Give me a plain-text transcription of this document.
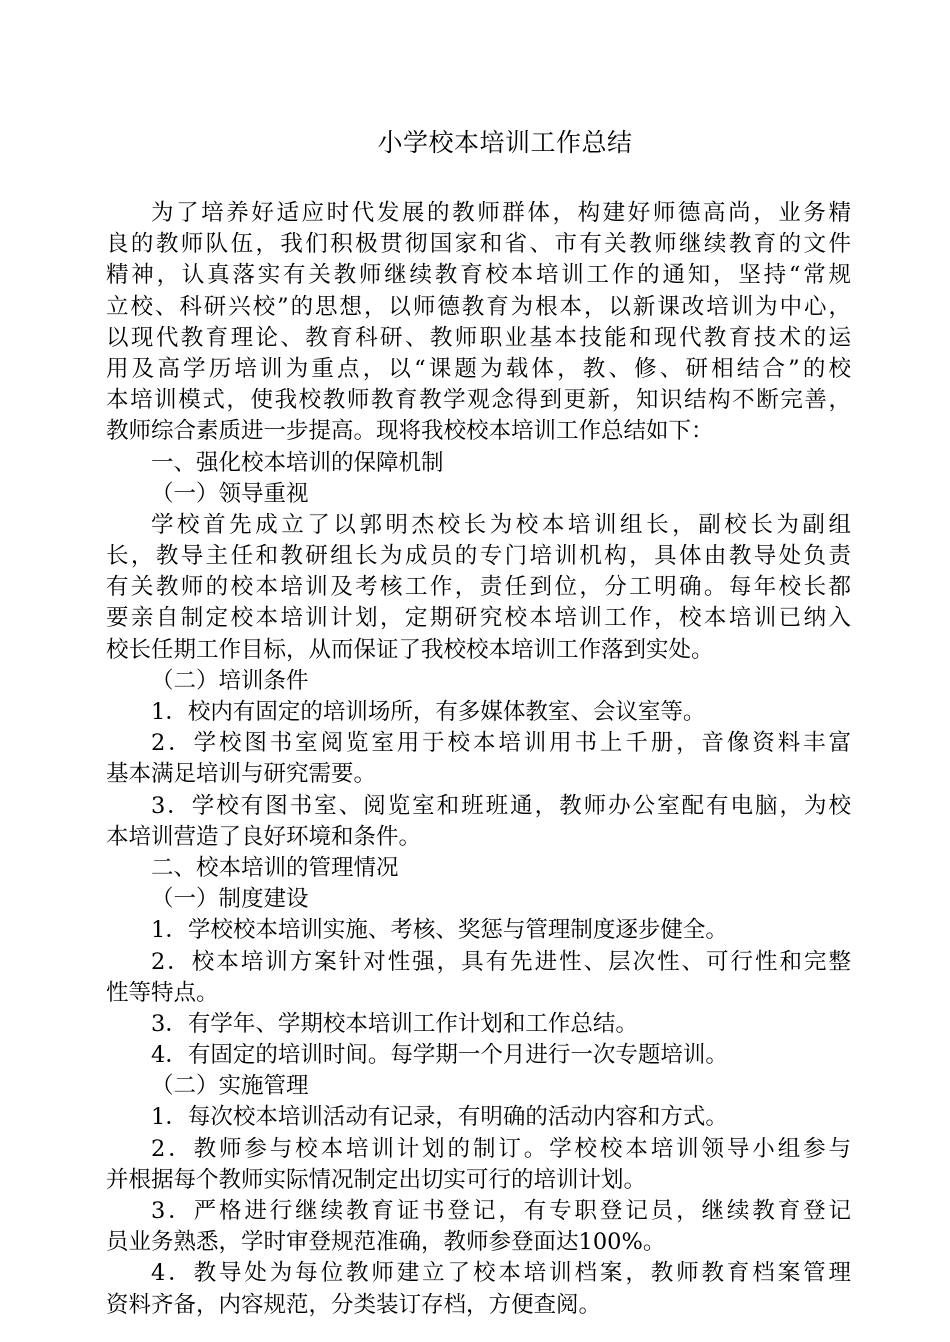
小学校本培训工作总结
为了培养好适应时代发展的教师群体，构建好师德高尚，业务精
良的教师队伍，我们积极贯彻国家和省、市有关教师继续教育的文件
精神，认真落实有关教师继续教育校本培训工作的通知，坚持“常规
立校、科研兴校”的思想，以师德教育为根本，以新课改培训为中心，
以现代教育理论、教育科研、教师职业基本技能和现代教育技术的运
用及高学历培训为重点，以“课题为载体，教、修、研相结合”的校
本培训模式，使我校教师教育教学观念得到更新，知识结构不断完善，
教师综合素质进一步提高。现将我校校本培训工作总结如下：
一、强化校本培训的保障机制
（一）领导重视
学校首先成立了以郭明杰校长为校本培训组长，副校长为副组
长，教导主任和教研组长为成员的专门培训机构，具体由教导处负责
有关教师的校本培训及考核工作，责任到位，分工明确。每年校长都
要亲自制定校本培训计划，定期研究校本培训工作，校本培训已纳入
校长任期工作目标，从而保证了我校校本培训工作落到实处。
（二）培训条件
1．校内有固定的培训场所，有多媒体教室、会议室等。
2．学校图书室阅览室用于校本培训用书上千册，音像资料丰富
基本满足培训与研究需要。
3．学校有图书室、阅览室和班班通，教师办公室配有电脑，为校
本培训营造了良好环境和条件。
二、校本培训的管理情况
（一）制度建设
1．学校校本培训实施、考核、奖惩与管理制度逐步健全。
2．校本培训方案针对性强，具有先进性、层次性、可行性和完整
性等特点。
3．有学年、学期校本培训工作计划和工作总结。
4．有固定的培训时间。每学期一个月进行一次专题培训。
（二）实施管理
1．每次校本培训活动有记录，有明确的活动内容和方式。
2．教师参与校本培训计划的制订。学校校本培训领导小组参与
并根据每个教师实际情况制定出切实可行的培训计划。
3．严格进行继续教育证书登记，有专职登记员，继续教育登记
员业务熟悉，学时审登规范准确，教师参登面达100%。
4．教导处为每位教师建立了校本培训档案，教师教育档案管理
资料齐备，内容规范，分类装订存档，方便查阅。
